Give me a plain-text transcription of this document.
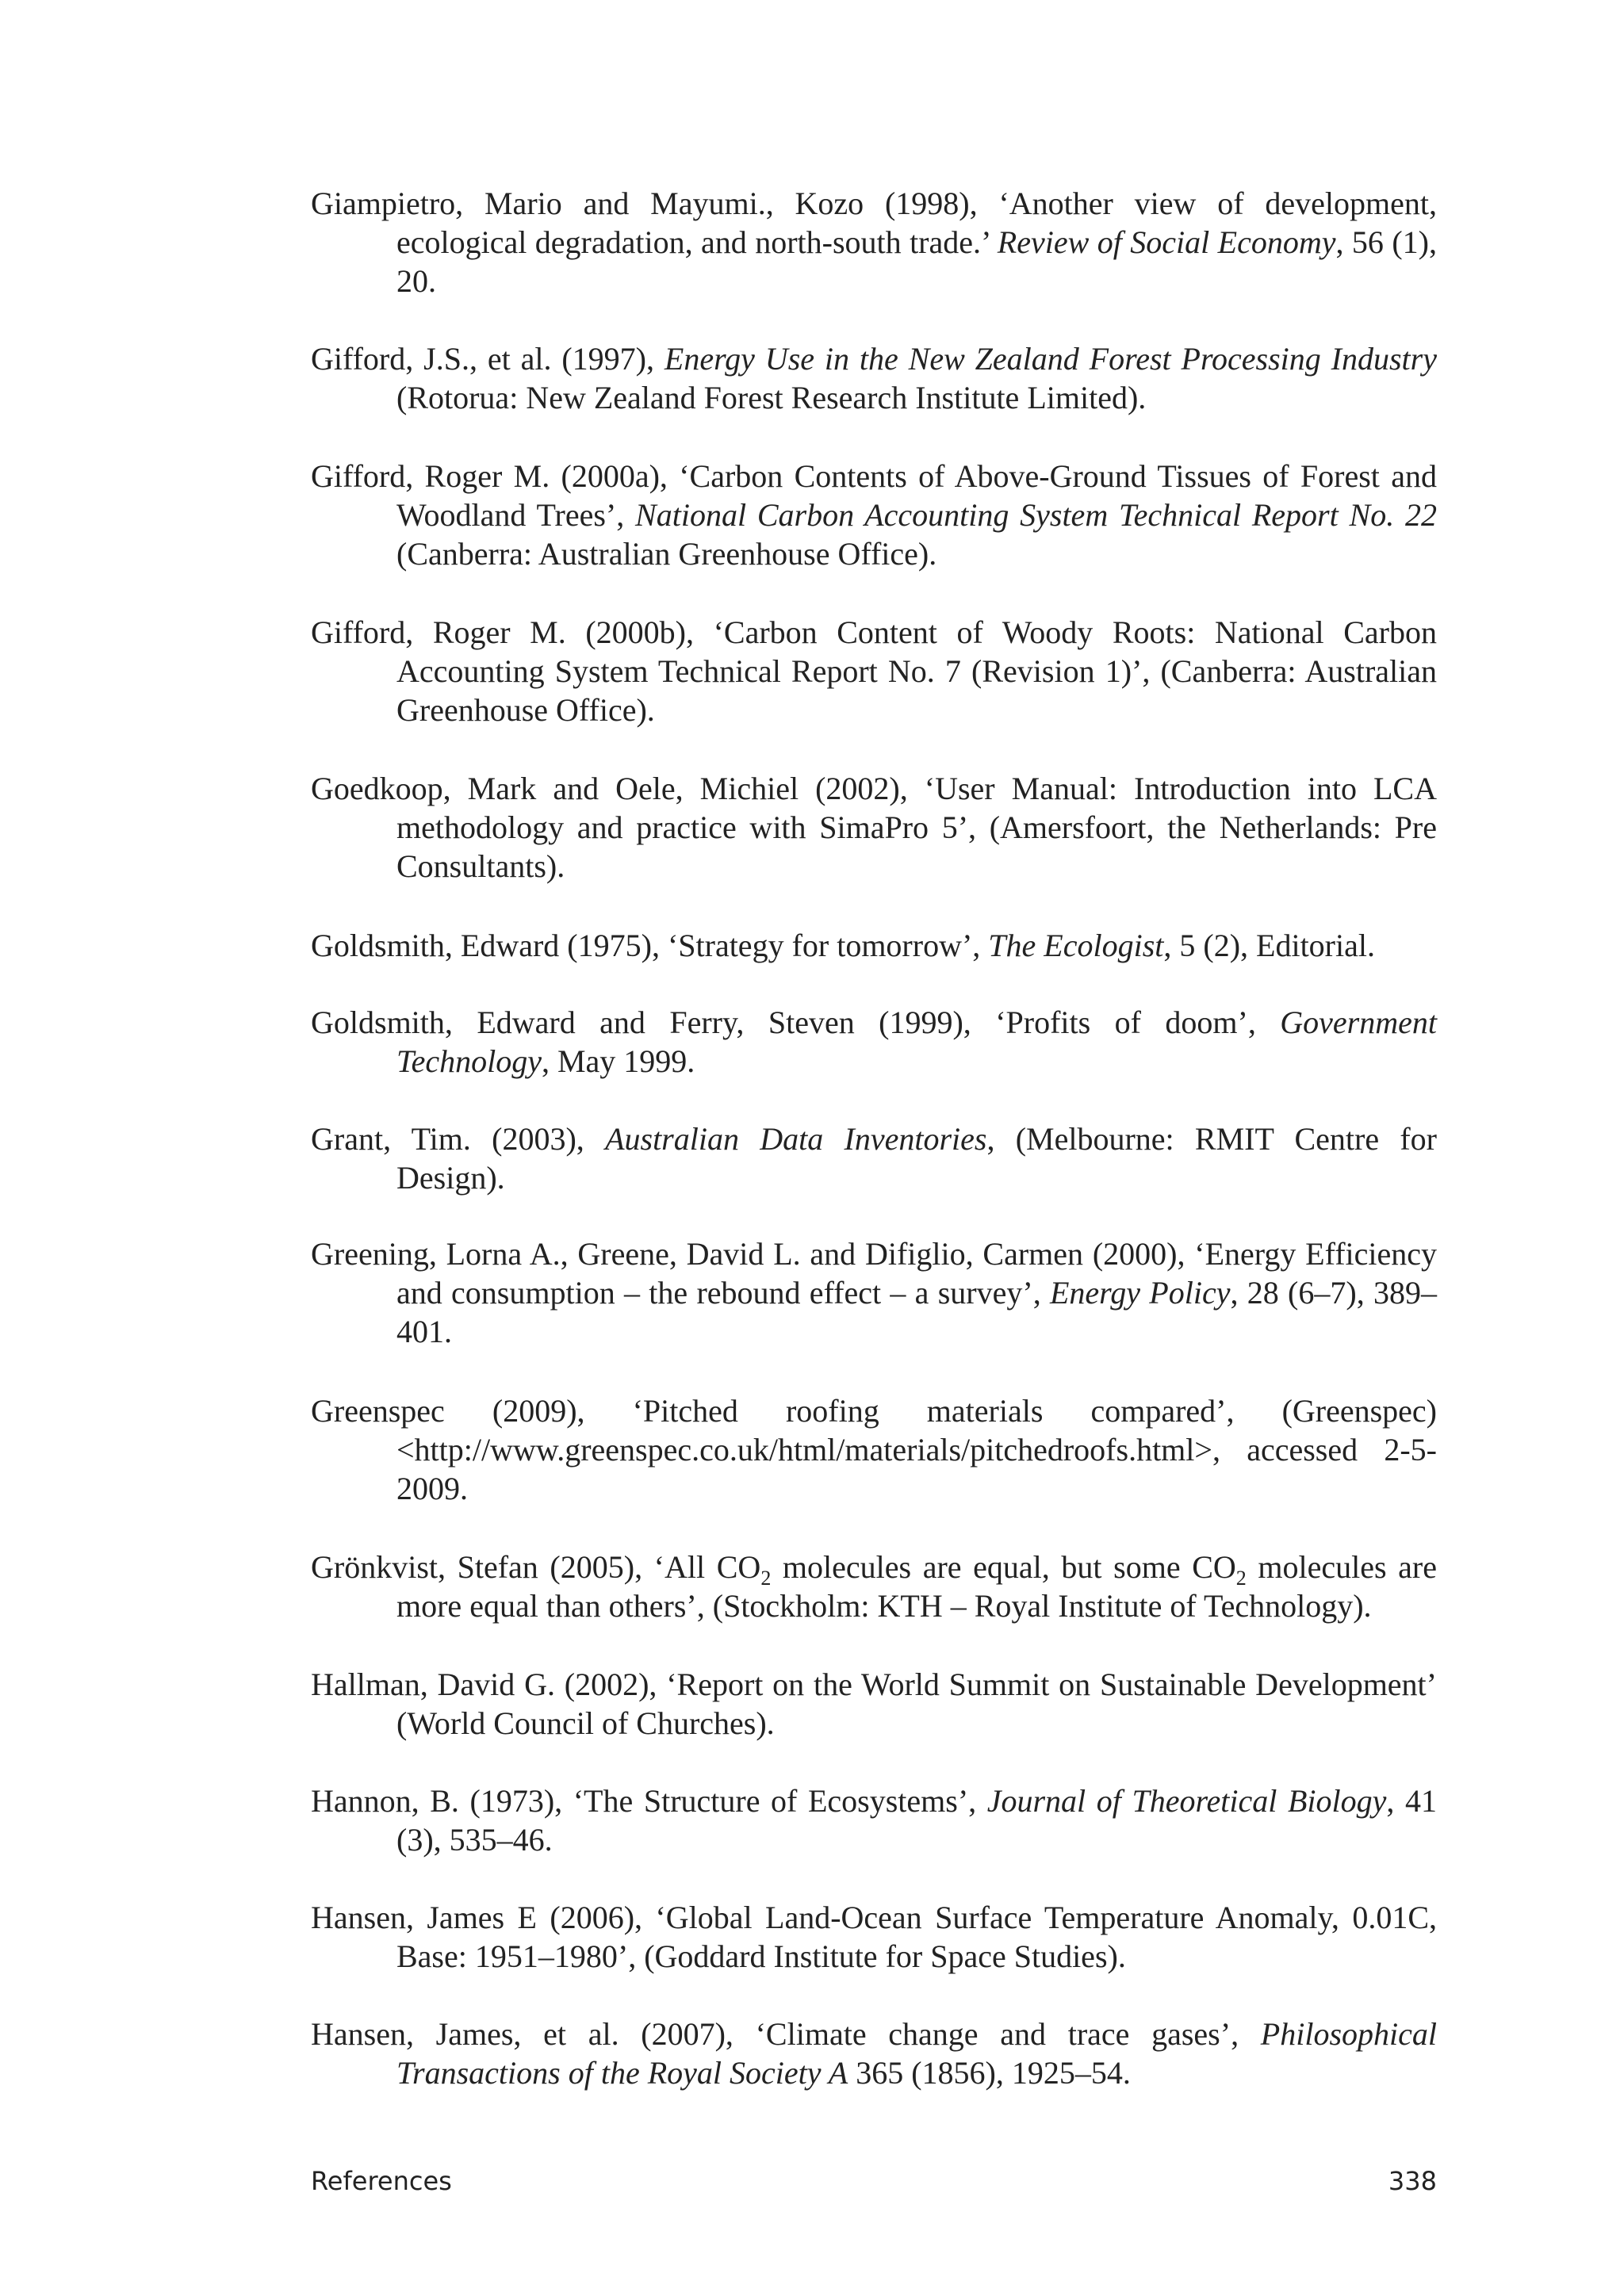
Giampietro, Mario and Mayumi., Kozo (1998), ‘Another view of development, ecological degradation, and north-south trade.’ Review of Social Economy, 56 (1), 20.

Gifford, J.S., et al. (1997), Energy Use in the New Zealand Forest Processing Industry (Rotorua: New Zealand Forest Research Institute Limited).

Gifford, Roger M. (2000a), ‘Carbon Contents of Above-Ground Tissues of Forest and Woodland Trees’, National Carbon Accounting System Technical Report No. 22 (Canberra: Australian Greenhouse Office).

Gifford, Roger M. (2000b), ‘Carbon Content of Woody Roots: National Carbon Accounting System Technical Report No. 7 (Revision 1)’, (Canberra: Australian Greenhouse Office).

Goedkoop, Mark and Oele, Michiel (2002), ‘User Manual: Introduction into LCA methodology and practice with SimaPro 5’, (Amersfoort, the Netherlands: Pre Consultants).

Goldsmith, Edward (1975), ‘Strategy for tomorrow’, The Ecologist, 5 (2), Editorial.

Goldsmith, Edward and Ferry, Steven (1999), ‘Profits of doom’, Government Technology, May 1999.

Grant, Tim. (2003), Australian Data Inventories, (Melbourne: RMIT Centre for Design).

Greening, Lorna A., Greene, David L. and Difiglio, Carmen (2000), ‘Energy Efficiency and consumption – the rebound effect – a survey’, Energy Policy, 28 (6–7), 389–401.

Greenspec (2009), ‘Pitched roofing materials compared’, (Greenspec) <http://www.greenspec.co.uk/html/materials/pitchedroofs.html>, accessed 2-5-2009.

Grönkvist, Stefan (2005), ‘All $CO_2$ molecules are equal, but some $CO_2$ molecules are more equal than others’, (Stockholm: KTH – Royal Institute of Technology).

Hallman, David G. (2002), ‘Report on the World Summit on Sustainable Development’ (World Council of Churches).

Hannon, B. (1973), ‘The Structure of Ecosystems’, Journal of Theoretical Biology, 41 (3), 535–46.

Hansen, James E (2006), ‘Global Land-Ocean Surface Temperature Anomaly, 0.01C, Base: 1951–1980’, (Goddard Institute for Space Studies).

Hansen, James, et al. (2007), ‘Climate change and trace gases’, Philosophical Transactions of the Royal Society A 365 (1856), 1925–54.

References	338
